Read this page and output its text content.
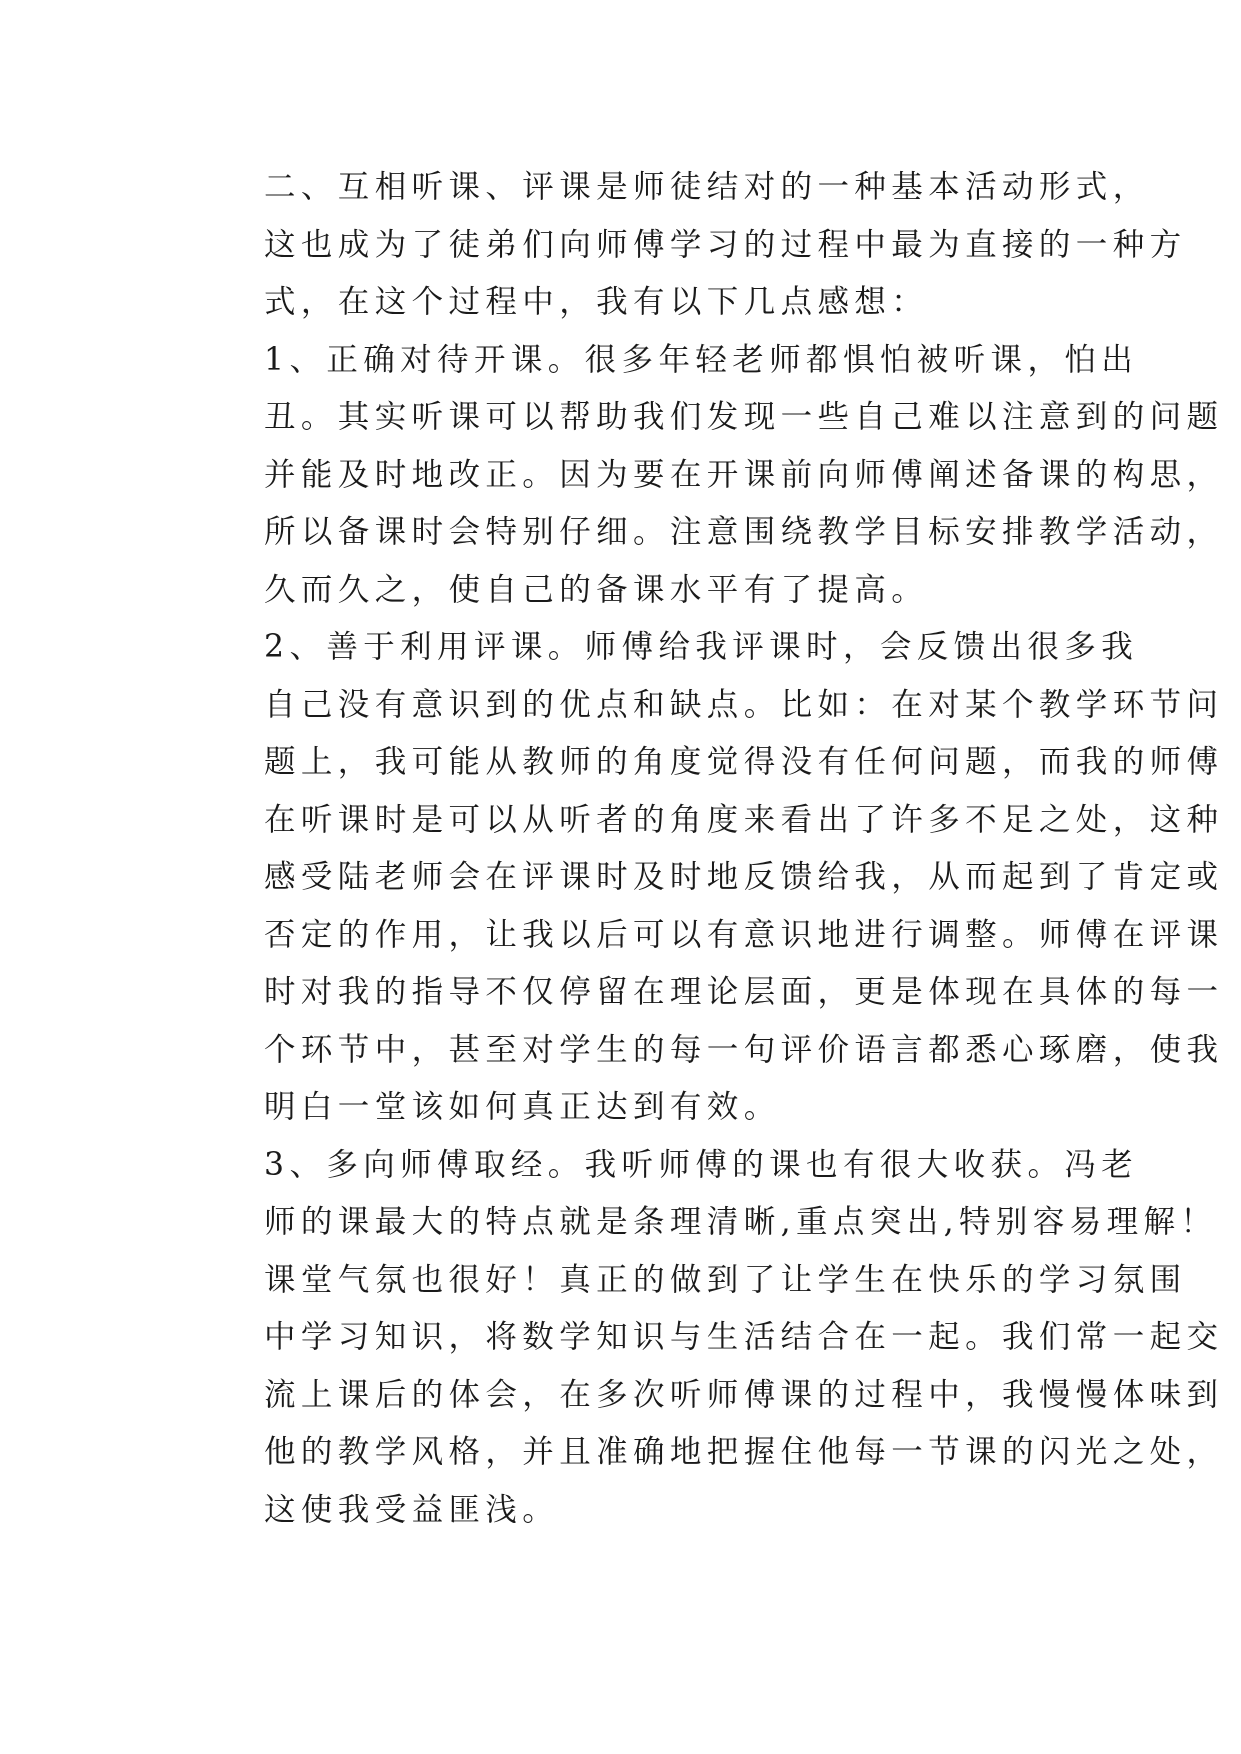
二、互相听课、评课是师徒结对的一种基本活动形式，
这也成为了徒弟们向师傅学习的过程中最为直接的一种方
式，在这个过程中，我有以下几点感想：

1、正确对待开课。很多年轻老师都惧怕被听课，怕出
丑。其实听课可以帮助我们发现一些自己难以注意到的问题
并能及时地改正。因为要在开课前向师傅阐述备课的构思，
所以备课时会特别仔细。注意围绕教学目标安排教学活动，
久而久之，使自己的备课水平有了提高。

2、善于利用评课。师傅给我评课时，会反馈出很多我
自己没有意识到的优点和缺点。比如：在对某个教学环节问
题上，我可能从教师的角度觉得没有任何问题，而我的师傅
在听课时是可以从听者的角度来看出了许多不足之处，这种
感受陆老师会在评课时及时地反馈给我，从而起到了肯定或
否定的作用，让我以后可以有意识地进行调整。师傅在评课
时对我的指导不仅停留在理论层面，更是体现在具体的每一
个环节中，甚至对学生的每一句评价语言都悉心琢磨，使我
明白一堂该如何真正达到有效。

3、多向师傅取经。我听师傅的课也有很大收获。冯老
师的课最大的特点就是条理清晰,重点突出,特别容易理解！
课堂气氛也很好！真正的做到了让学生在快乐的学习氛围
中学习知识，将数学知识与生活结合在一起。我们常一起交
流上课后的体会，在多次听师傅课的过程中，我慢慢体味到
他的教学风格，并且准确地把握住他每一节课的闪光之处，
这使我受益匪浅。
